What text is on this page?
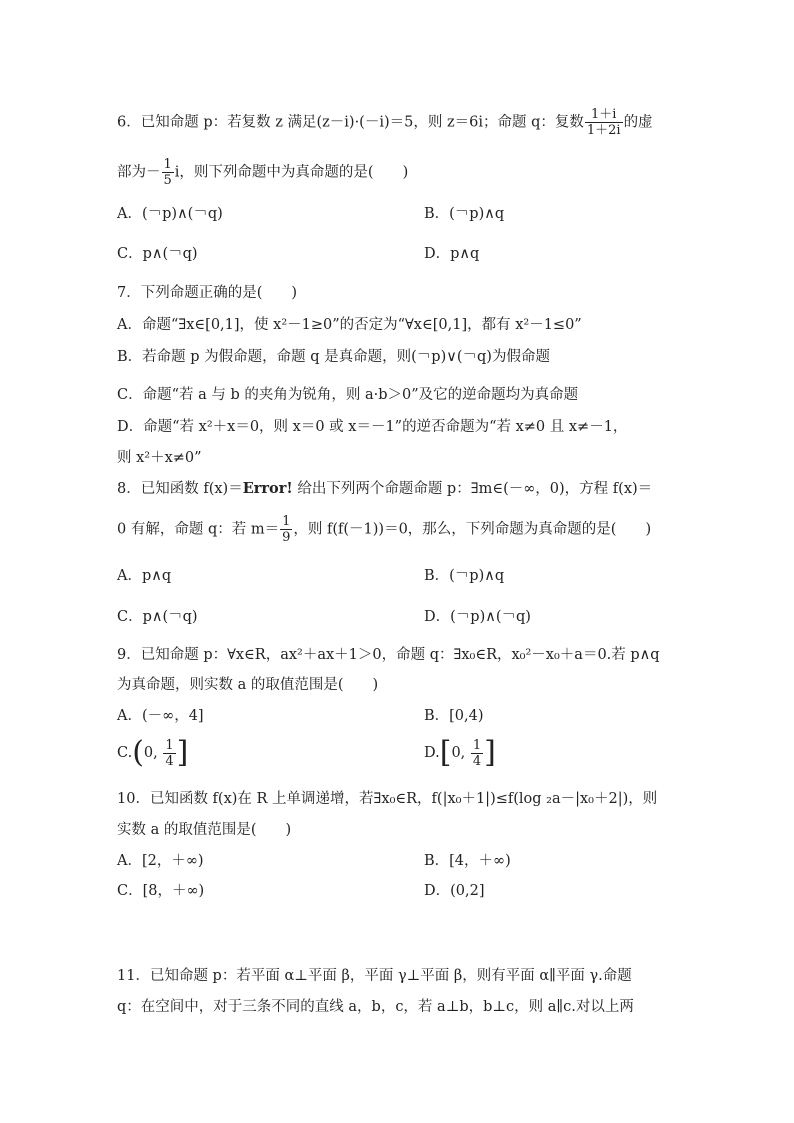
6．已知命题 p：若复数 z 满足(z－i)·(－i)＝5，则 z＝6i；命题 q：复数 $\frac{1+i}{1+2i}$ 的虚
部为－ $\frac{1}{5}$ i，则下列命题中为真命题的是(　　)
A．(￢p)∧(￢q)	B．(￢p)∧q
C．p∧(￢q)	D．p∧q
7．下列命题正确的是(　　)
A．命题“∃x∈[0,1]，使 x²－1≥0”的否定为“∀x∈[0,1]，都有 x²－1≤0”
B．若命题 p 为假命题，命题 q 是真命题，则(￢p)∨(￢q)为假命题
C．命题“若 a 与 b 的夹角为锐角，则 a·b＞0”及它的逆命题均为真命题
D．命题“若 x²＋x＝0，则 x＝0 或 x＝－1”的逆否命题为“若 x≠0 且 x≠－1，
则 x²＋x≠0”
8．已知函数 f(x)＝Error! 给出下列两个命题命题 p：∃m∈(－∞，0)，方程 f(x)＝
0 有解，命题 q：若 $m= \frac{1}{9}$ ，则 f(f(－1))＝0，那么，下列命题为真命题的是(　　)
A．p∧q	B．(￢p)∧q
C．p∧(￢q)	D．(￢p)∧(￢q)
9．已知命题 p：∀x∈R，ax²＋ax＋1＞0，命题 q：∃x₀∈R，x₀²－x₀＋a＝0.若 p∧q
为真命题，则实数 a 的取值范围是(　　)
A．(－∞，4]	B．[0,4)
C.(0, $\frac{1}{4}$ ]	D.[0, $\frac{1}{4}$ ]
10．已知函数 f(x)在 R 上单调递增，若∃x₀∈R，f(|x₀＋1|)≤f(log ₂a－|x₀＋2|)，则
实数 a 的取值范围是(　　)
A．[2，＋∞)	B．[4，＋∞)
C．[8，＋∞)	D．(0,2]
11．已知命题 p：若平面 α⊥平面 β，平面 γ⊥平面 β，则有平面 α∥平面 γ.命题
q：在空间中，对于三条不同的直线 a，b，c，若 a⊥b，b⊥c，则 a∥c.对以上两
